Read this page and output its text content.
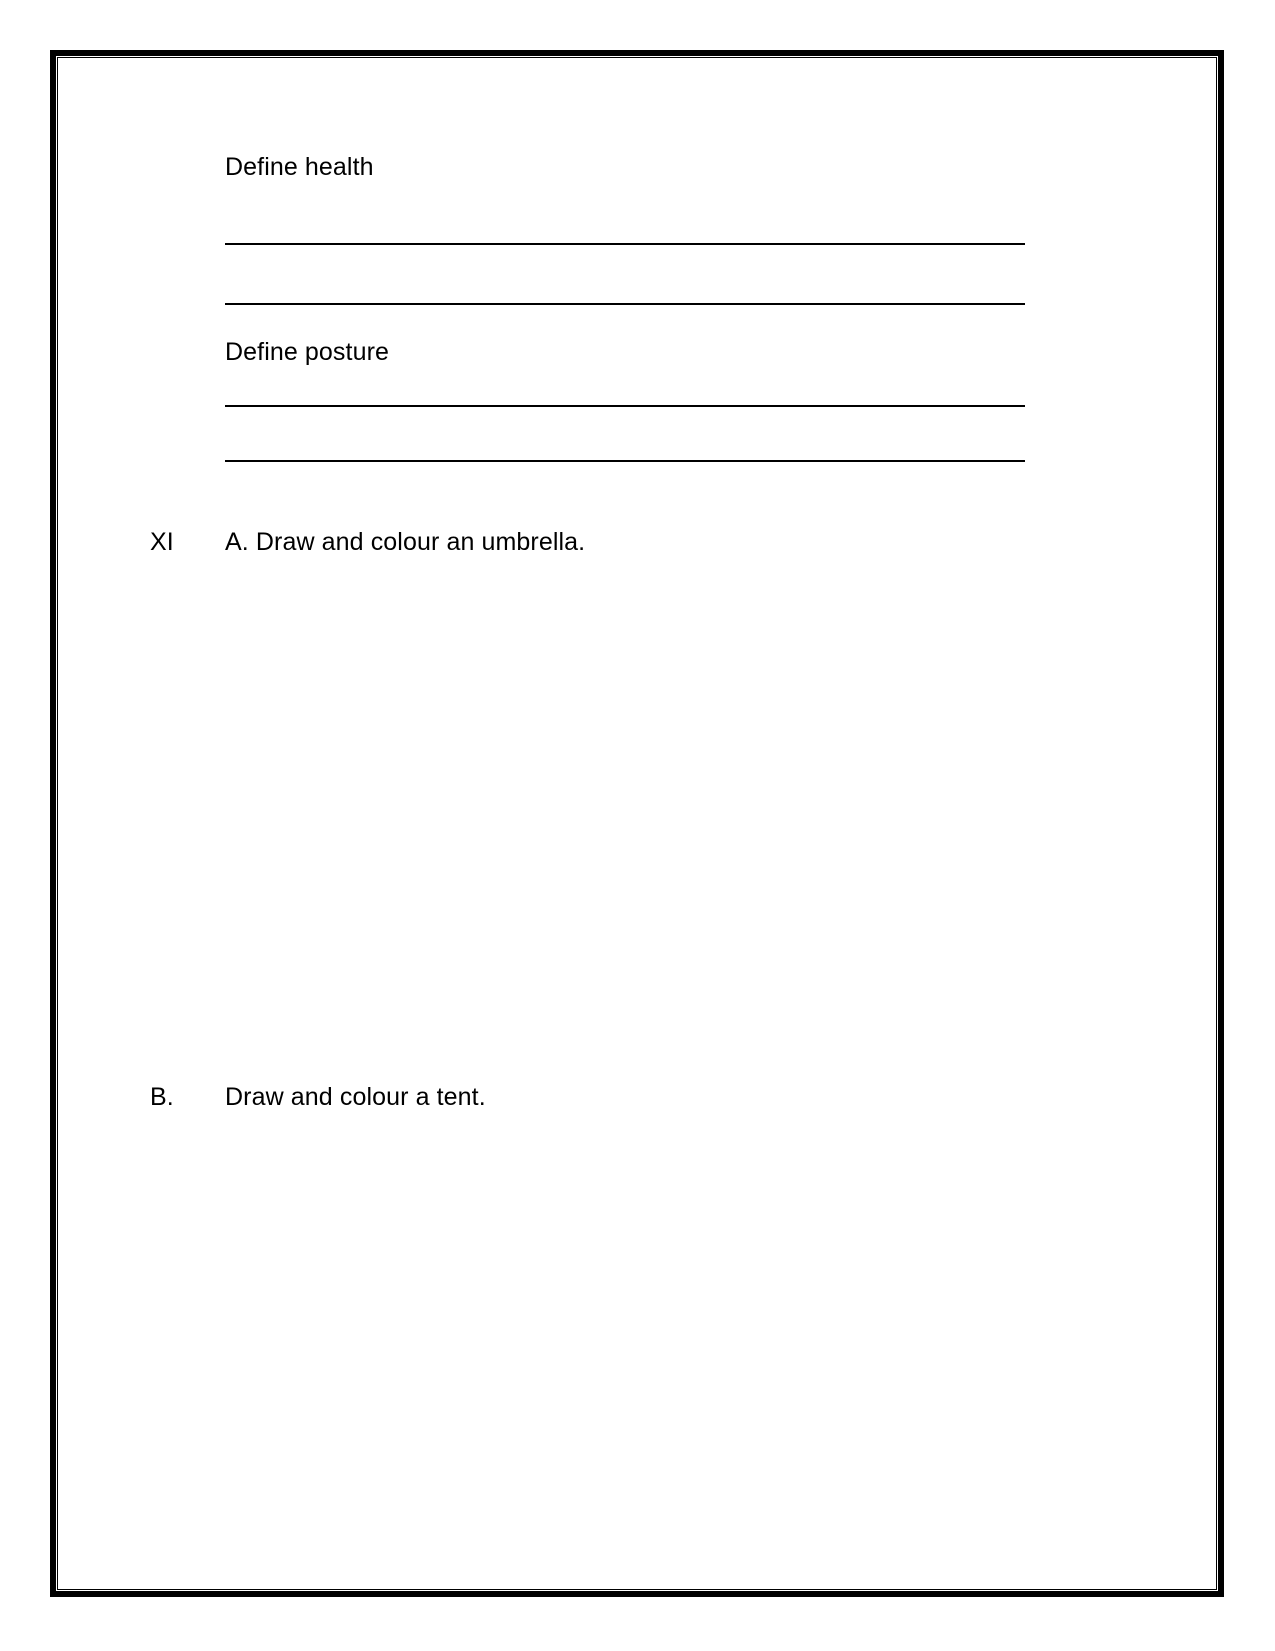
Define health
Define posture
XI A. Draw and colour an umbrella.
B. Draw and colour a tent.
